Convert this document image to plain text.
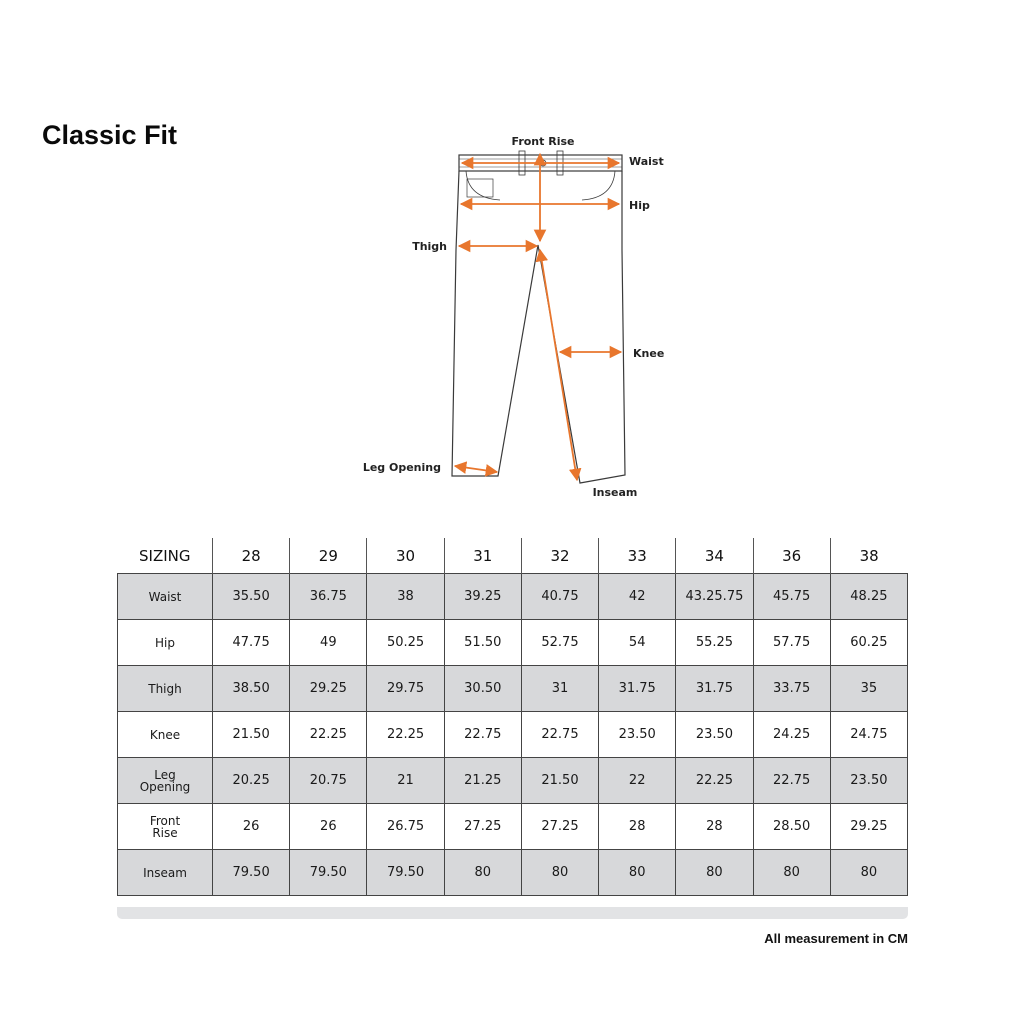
Classic Fit	Front Rise
Waist
Hip
Thigh
Knee
Leg Opening
Inseam
SIZING	28	29	30	31	32	33	34	36	38
Waist	35.50	36.75	38	39.25	40.75	42	43.25.75	45.75	48.25
Hip	47.75	49	50.25	51.50	52.75	54	55.25	57.75	60.25
Thigh	38.50	29.25	29.75	30.50	31	31.75	31.75	33.75	35
Knee	21.50	22.25	22.25	22.75	22.75	23.50	23.50	24.25	24.75
Leg
Opening	20.25	20.75	21	21.25	21.50	22	22.25	22.75	23.50
Front
Rise	26	26	26.75	27.25	27.25	28	28	28.50	29.25
Inseam	79.50	79.50	79.50	80	80	80	80	80	80
All measurement in CM
